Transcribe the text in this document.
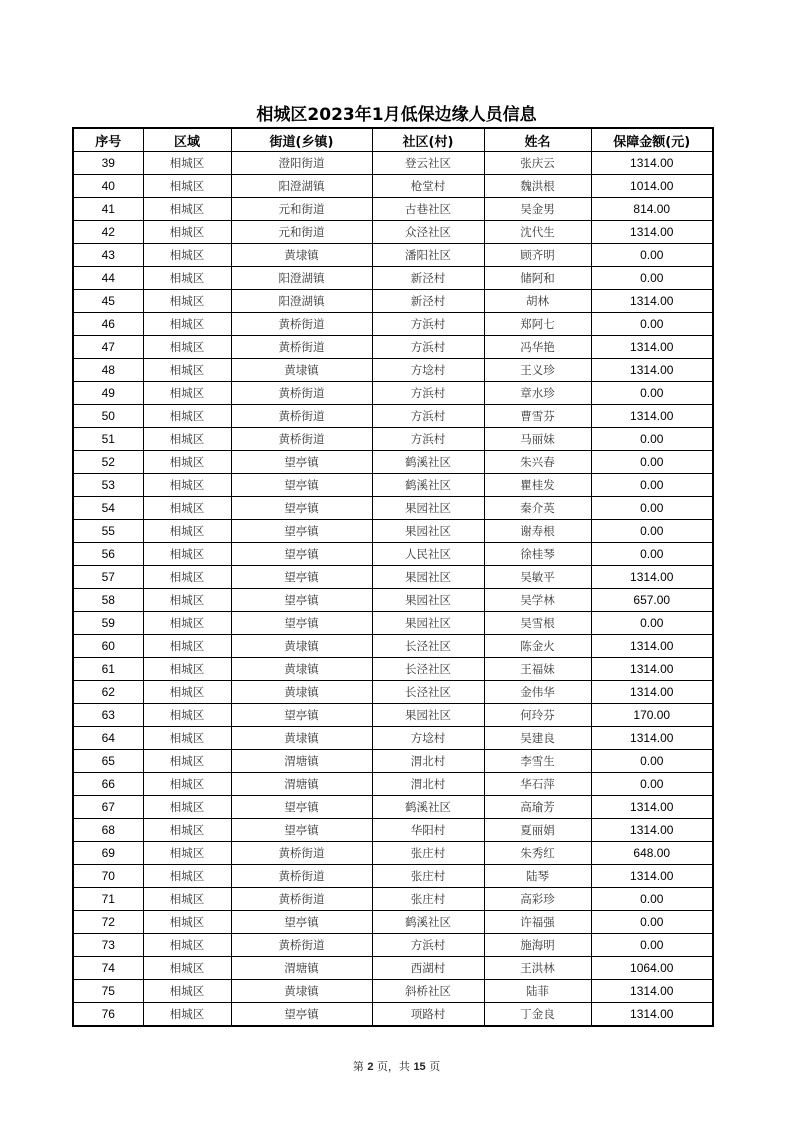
相城区2023年1月低保边缘人员信息
序号	区域	街道(乡镇)	社区(村)	姓名	保障金额(元)
39	相城区	澄阳街道	登云社区	张庆云	1314.00
40	相城区	阳澄湖镇	枪堂村	魏洪根	1014.00
41	相城区	元和街道	古巷社区	吴金男	814.00
42	相城区	元和街道	众泾社区	沈代生	1314.00
43	相城区	黄埭镇	潘阳社区	顾齐明	0.00
44	相城区	阳澄湖镇	新泾村	储阿和	0.00
45	相城区	阳澄湖镇	新泾村	胡林	1314.00
46	相城区	黄桥街道	方浜村	郑阿七	0.00
47	相城区	黄桥街道	方浜村	冯华艳	1314.00
48	相城区	黄埭镇	方埝村	王义珍	1314.00
49	相城区	黄桥街道	方浜村	章水珍	0.00
50	相城区	黄桥街道	方浜村	曹雪芬	1314.00
51	相城区	黄桥街道	方浜村	马丽妹	0.00
52	相城区	望亭镇	鹤溪社区	朱兴春	0.00
53	相城区	望亭镇	鹤溪社区	瞿桂发	0.00
54	相城区	望亭镇	果园社区	秦介英	0.00
55	相城区	望亭镇	果园社区	谢寿根	0.00
56	相城区	望亭镇	人民社区	徐桂琴	0.00
57	相城区	望亭镇	果园社区	吴敏平	1314.00
58	相城区	望亭镇	果园社区	吴学林	657.00
59	相城区	望亭镇	果园社区	吴雪根	0.00
60	相城区	黄埭镇	长泾社区	陈金火	1314.00
61	相城区	黄埭镇	长泾社区	王福妹	1314.00
62	相城区	黄埭镇	长泾社区	金伟华	1314.00
63	相城区	望亭镇	果园社区	何玲芬	170.00
64	相城区	黄埭镇	方埝村	吴建良	1314.00
65	相城区	渭塘镇	渭北村	李雪生	0.00
66	相城区	渭塘镇	渭北村	华石萍	0.00
67	相城区	望亭镇	鹤溪社区	高瑜芳	1314.00
68	相城区	望亭镇	华阳村	夏丽娟	1314.00
69	相城区	黄桥街道	张庄村	朱秀红	648.00
70	相城区	黄桥街道	张庄村	陆琴	1314.00
71	相城区	黄桥街道	张庄村	高彩珍	0.00
72	相城区	望亭镇	鹤溪社区	许福强	0.00
73	相城区	黄桥街道	方浜村	施海明	0.00
74	相城区	渭塘镇	西湖村	王洪林	1064.00
75	相城区	黄埭镇	斜桥社区	陆菲	1314.00
76	相城区	望亭镇	项路村	丁金良	1314.00
第 2 页，共 15 页
